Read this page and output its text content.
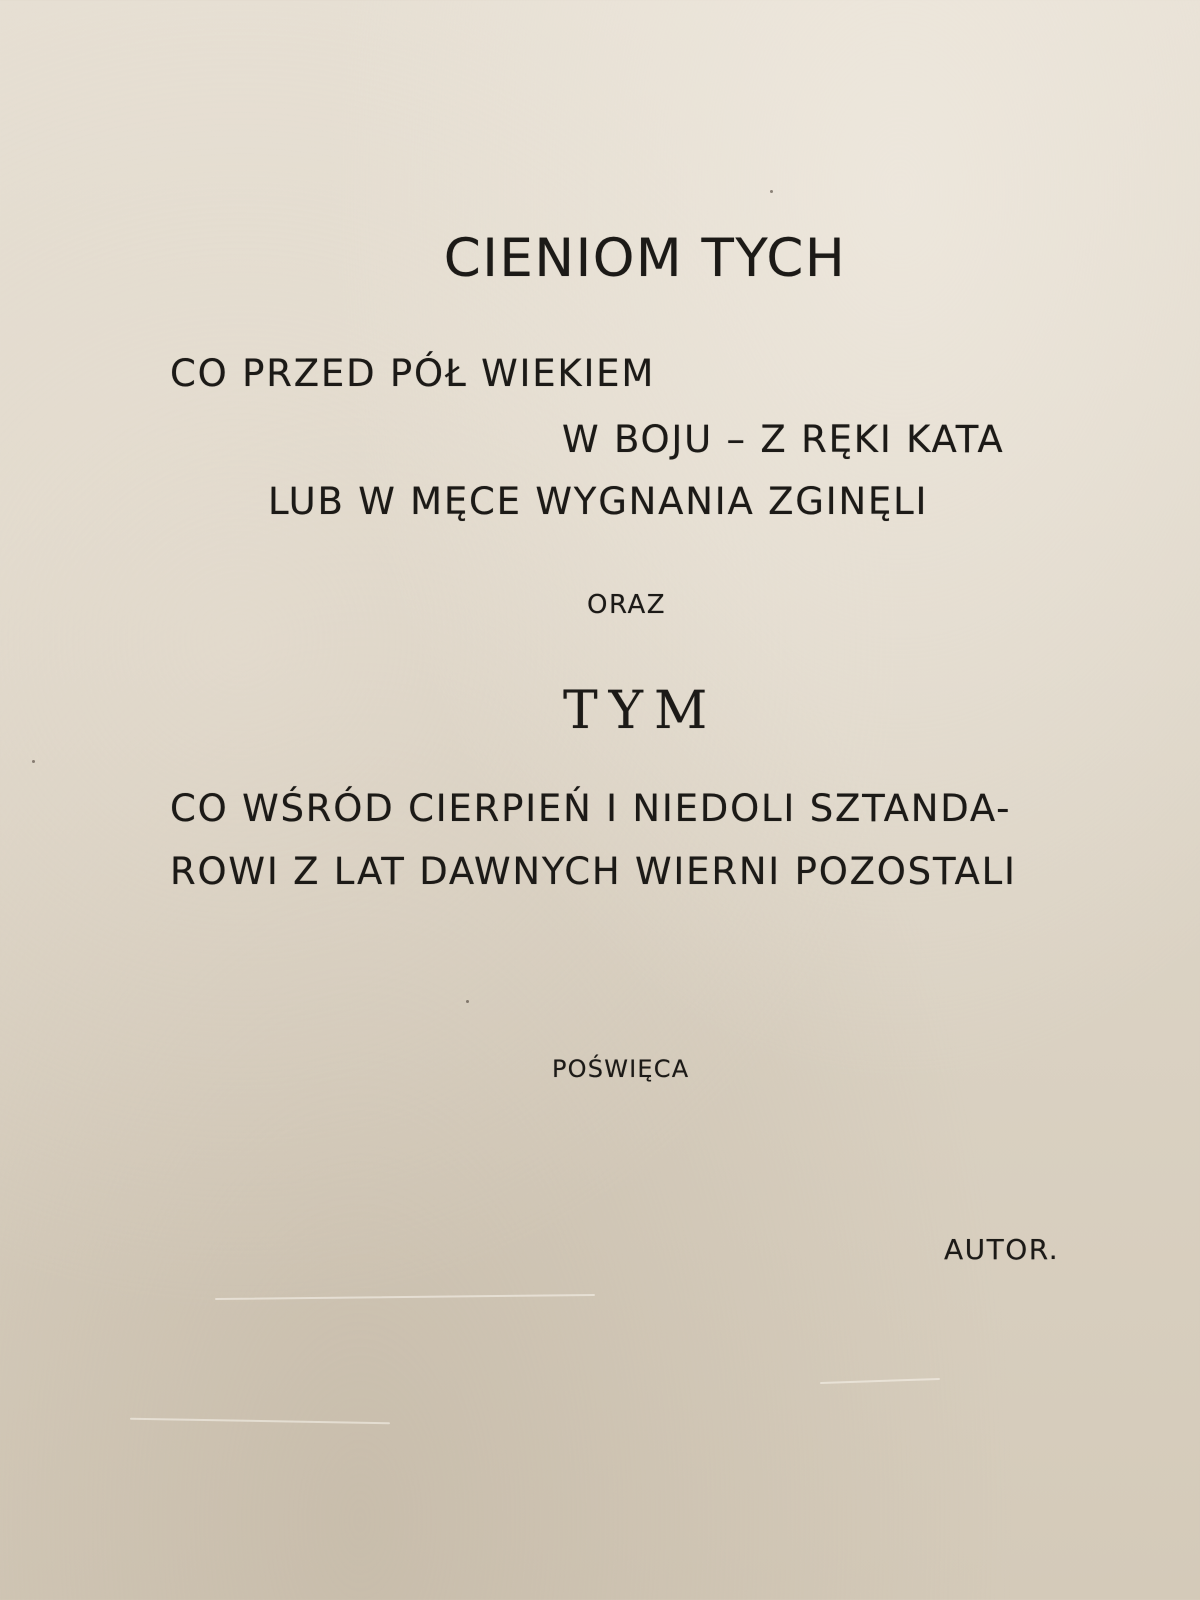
CIENIOM TYCH

CO PRZED PÓŁ WIEKIEM

W BOJU – Z RĘKI KATA

LUB W MĘCE WYGNANIA ZGINĘLI

ORAZ

TYM

CO WŚRÓD CIERPIEŃ I NIEDOLI SZTANDA-

ROWI Z LAT DAWNYCH WIERNI POZOSTALI

POŚWIĘCA

AUTOR.
